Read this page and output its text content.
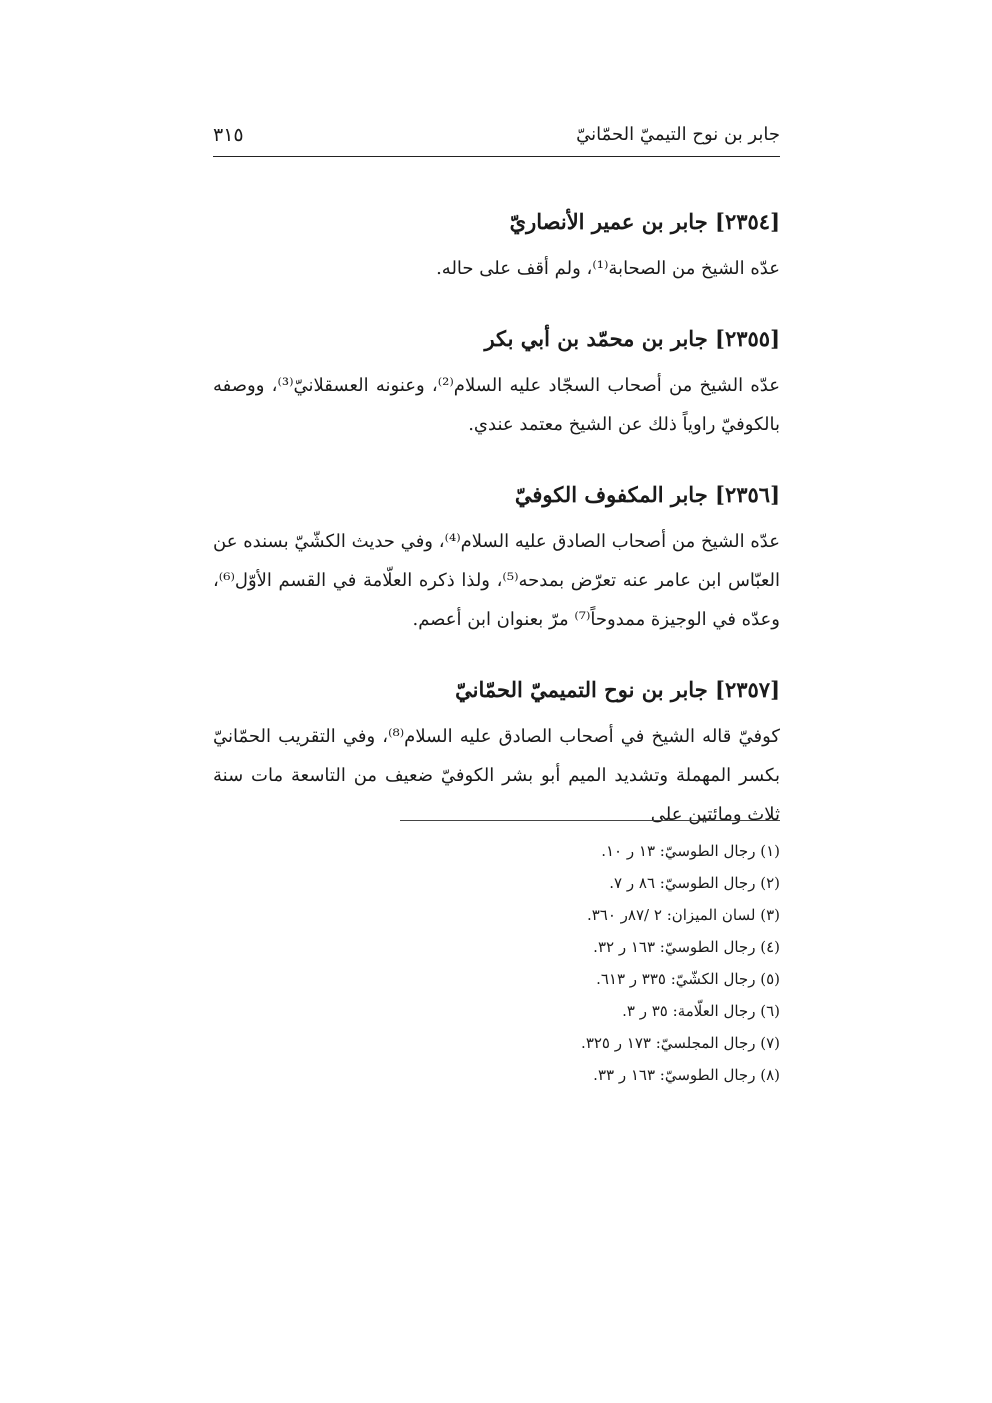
جابر بن نوح التيميّ الحمّانيّ
٣١٥
[٢٣٥٤] جابر بن عمير الأنصاريّ

عدّه الشيخ من الصحابة⁽¹⁾، ولم أقف على حاله.

[٢٣٥٥] جابر بن محمّد بن أبي بكر

عدّه الشيخ من أصحاب السجّاد عليه السلام⁽²⁾، وعنونه العسقلانيّ⁽³⁾، ووصفه بالكوفيّ راوياً ذلك عن الشيخ معتمد عندي.

[٢٣٥٦] جابر المكفوف الكوفيّ

عدّه الشيخ من أصحاب الصادق عليه السلام⁽⁴⁾، وفي حديث الكشّيّ بسنده عن العبّاس ابن عامر عنه تعرّض بمدحه⁽⁵⁾، ولذا ذكره العلّامة في القسم الأوّل⁽⁶⁾، وعدّه في الوجيزة ممدوحاً⁽⁷⁾ مرّ بعنوان ابن أعصم.

[٢٣٥٧] جابر بن نوح التميميّ الحمّانيّ

كوفيّ قاله الشيخ في أصحاب الصادق عليه السلام⁽⁸⁾، وفي التقريب الحمّانيّ بكسر المهملة وتشديد الميم أبو بشر الكوفيّ ضعيف من التاسعة مات سنة ثلاث ومائتين على

(١) رجال الطوسيّ: ١٣ ر ١٠.
(٢) رجال الطوسيّ: ٨٦ ر ٧.
(٣) لسان الميزان: ٢ /٨٧ر ٣٦٠.
(٤) رجال الطوسيّ: ١٦٣ ر ٣٢.
(٥) رجال الكشّيّ: ٣٣٥ ر ٦١٣.
(٦) رجال العلّامة: ٣٥ ر ٣.
(٧) رجال المجلسيّ: ١٧٣ ر ٣٢٥.
(٨) رجال الطوسيّ: ١٦٣ ر ٣٣.
